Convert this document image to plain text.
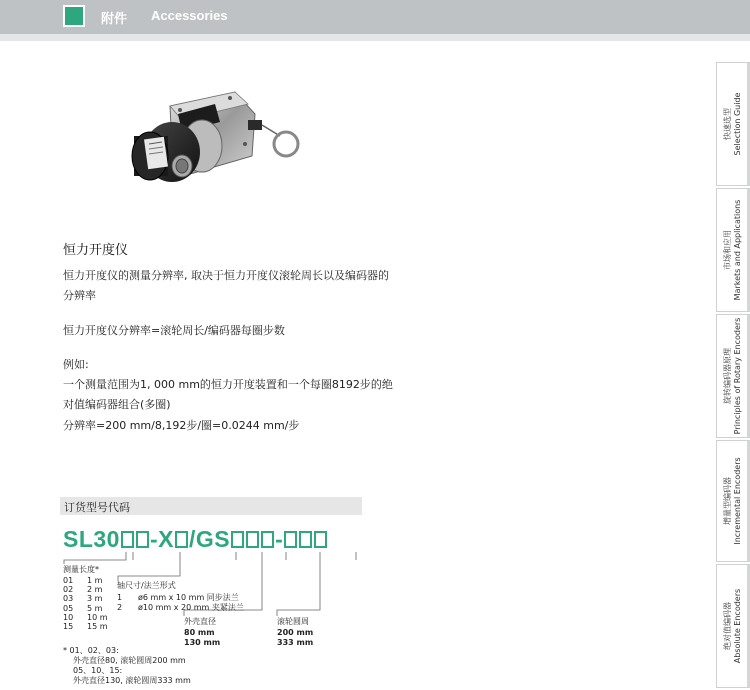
附件 Accessories
恒力开度仪
恒力开度仪的测量分辨率, 取决于恒力开度仪滚轮周长以及编码器的分辨率
恒力开度仪分辨率=滚轮周长/编码器每圈步数
例如:
一个测量范围为1, 000 mm的恒力开度装置和一个每圈8192步的绝对值编码器组合(多圈)
分辨率=200 mm/8,192步/圈=0.0244 mm/步
订货型号代码
SL30 -X /GS -
测量长度*
01 1 m
02 2 m
03 3 m
05 5 m
10 10 m
15 15 m
轴尺寸/法兰形式
1 ø6 mm x 10 mm 同步法兰
2 ø10 mm x 20 mm 夹紧法兰
外壳直径
80 mm
130 mm
滚轮圆周
200 mm
333 mm
* 01、02、03:
外壳直径80, 滚轮圆周200 mm
05、10、15:
外壳直径130, 滚轮圆周333 mm
快速选型 Selection Guide
市场和应用 Markets and Applications
旋转编码器原理 Principles of Rotary Encoders
增量型编码器 Incremental Encoders
绝对值编码器 Absolute Encoders
